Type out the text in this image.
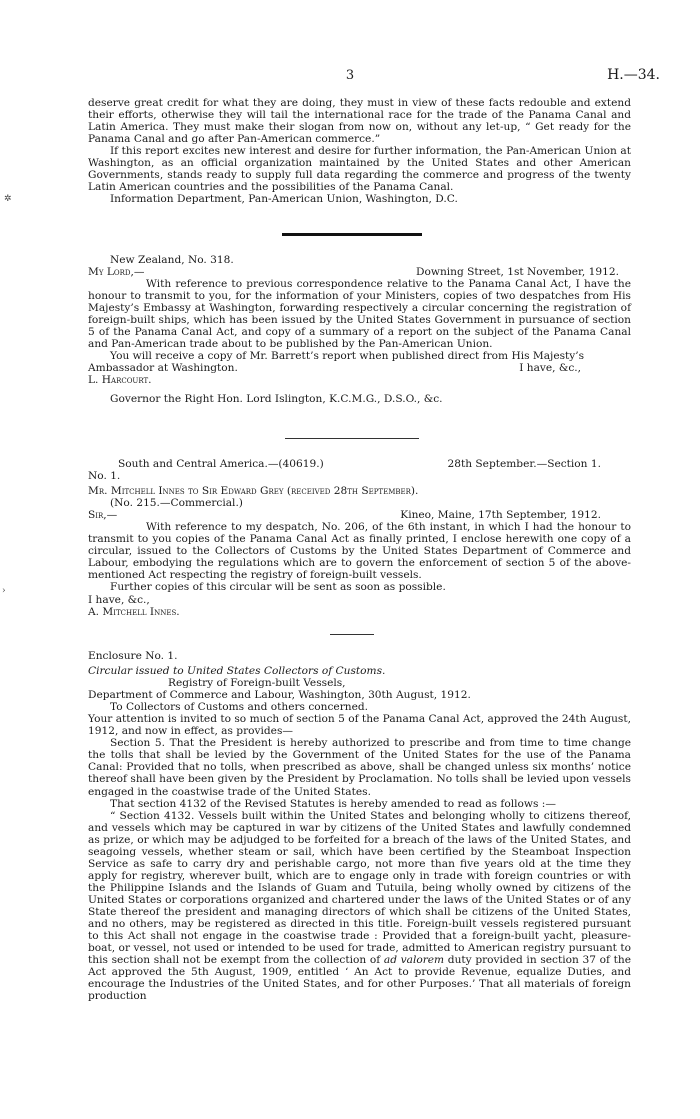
3	H.—34.
✲
›

deserve great credit for what they are doing, they must in view of these facts redouble and extend their efforts, otherwise they will tail the international race for the trade of the Panama Canal and Latin America. They must make their slogan from now on, without any let-up, “ Get ready for the Panama Canal and go after Pan-American commerce.”

If this report excites new interest and desire for further information, the Pan-American Union at Washington, as an official organization maintained by the United States and other American Governments, stands ready to supply full data regarding the commerce and progress of the twenty Latin American countries and the possibilities of the Panama Canal.

Information Department, Pan-American Union, Washington, D.C.

New Zealand, No. 318.

My Lord,—	Downing Street, 1st November, 1912.

With reference to previous correspondence relative to the Panama Canal Act, I have the honour to transmit to you, for the information of your Ministers, copies of two despatches from His Majesty’s Embassy at Washington, forwarding respectively a circular concerning the registration of foreign-built ships, which has been issued by the United States Government in pursuance of section 5 of the Panama Canal Act, and copy of a summary of a report on the subject of the Panama Canal and Pan-American trade about to be published by the Pan-American Union.

You will receive a copy of Mr. Barrett’s report when published direct from His Majesty’s

Ambassador at Washington.	I have, &c.,

L. Harcourt.

Governor the Right Hon. Lord Islington, K.C.M.G., D.S.O., &c.

South and Central America.—(40619.)	28th September.—Section 1.

No. 1.

Mr. Mitchell Innes to Sir Edward Grey (received 28th September).

(No. 215.—Commercial.)

Sir,—	Kineo, Maine, 17th September, 1912.

With reference to my despatch, No. 206, of the 6th instant, in which I had the honour to transmit to you copies of the Panama Canal Act as finally printed, I enclose herewith one copy of a circular, issued to the Collectors of Customs by the United States Department of Commerce and Labour, embodying the regulations which are to govern the enforcement of section 5 of the above-mentioned Act respecting the registry of foreign-built vessels.

Further copies of this circular will be sent as soon as possible.

I have, &c.,

A. Mitchell Innes.

Enclosure No. 1.

Circular issued to United States Collectors of Customs.

Registry of Foreign-built Vessels,

Department of Commerce and Labour, Washington, 30th August, 1912.

To Collectors of Customs and others concerned.

Your attention is invited to so much of section 5 of the Panama Canal Act, approved the 24th August, 1912, and now in effect, as provides—

Section 5. That the President is hereby authorized to prescribe and from time to time change the tolls that shall be levied by the Government of the United States for the use of the Panama Canal: Provided that no tolls, when prescribed as above, shall be changed unless six months’ notice thereof shall have been given by the President by Proclamation. No tolls shall be levied upon vessels engaged in the coastwise trade of the United States.

That section 4132 of the Revised Statutes is hereby amended to read as follows :—

“ Section 4132. Vessels built within the United States and belonging wholly to citizens thereof, and vessels which may be captured in war by citizens of the United States and lawfully condemned as prize, or which may be adjudged to be forfeited for a breach of the laws of the United States, and seagoing vessels, whether steam or sail, which have been certified by the Steamboat Inspection Service as safe to carry dry and perishable cargo, not more than five years old at the time they apply for registry, wherever built, which are to engage only in trade with foreign countries or with the Philippine Islands and the Islands of Guam and Tutuila, being wholly owned by citizens of the United States or corporations organized and chartered under the laws of the United States or of any State thereof the president and managing directors of which shall be citizens of the United States, and no others, may be registered as directed in this title. Foreign-built vessels registered pursuant to this Act shall not engage in the coastwise trade : Provided that a foreign-built yacht, pleasure-boat, or vessel, not used or intended to be used for trade, admitted to American registry pursuant to this section shall not be exempt from the collection of ad valorem duty provided in section 37 of the Act approved the 5th August, 1909, entitled ‘ An Act to provide Revenue, equalize Duties, and encourage the Industries of the United States, and for other Purposes.’ That all materials of foreign production
